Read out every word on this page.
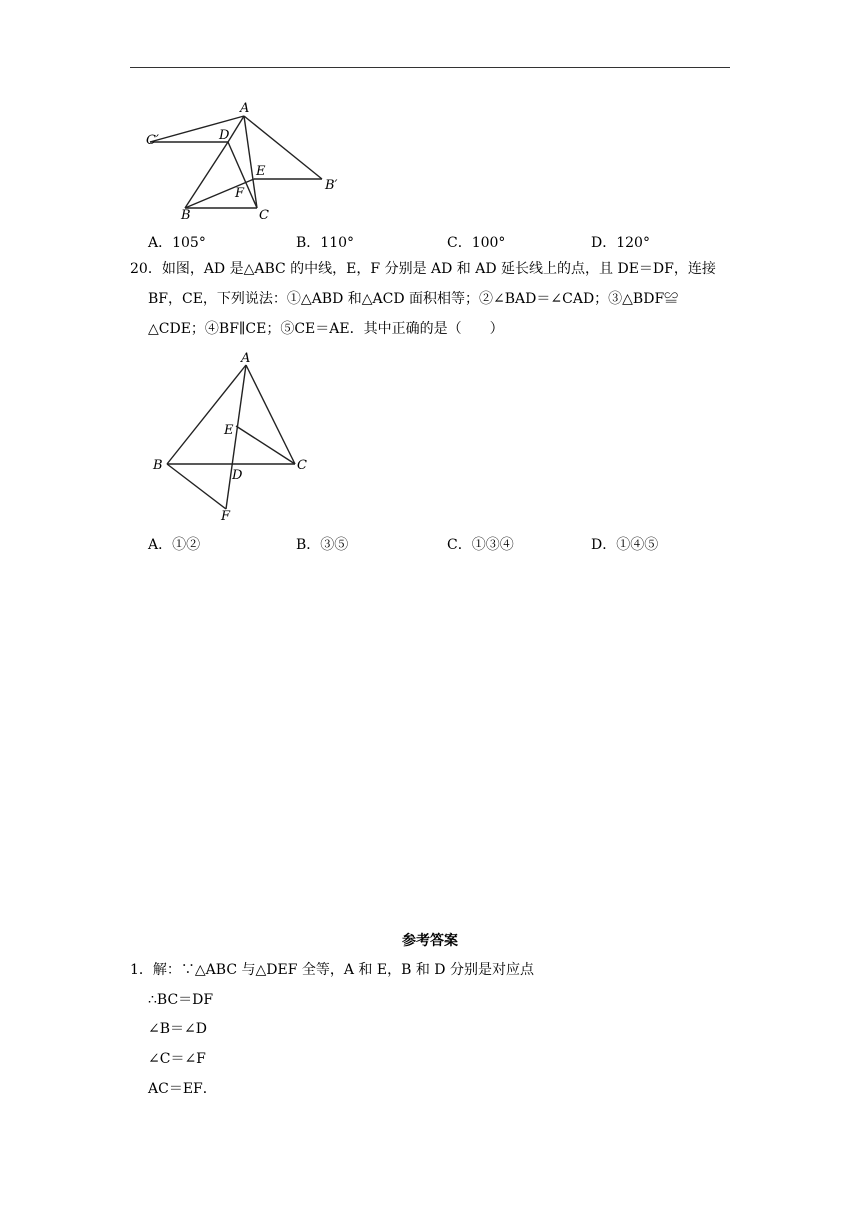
A
D
C′
E
B′
F
B	C
A．105°	B．110°	C．100°	D．120°
20．如图，AD 是△ABC 的中线，E，F 分别是 AD 和 AD 延长线上的点，且 DE＝DF，连接
BF，CE，下列说法：①△ABD 和△ACD 面积相等；②∠BAD＝∠CAD；③△BDF≌
△CDE；④BF∥CE；⑤CE＝AE．其中正确的是（　　）
A
E
B	C
D
F
A．①②	B．③⑤	C．①③④	D．①④⑤
参考答案
1．解：∵△ABC 与△DEF 全等，A 和 E，B 和 D 分别是对应点
∴BC＝DF
∠B＝∠D
∠C＝∠F
AC＝EF．
